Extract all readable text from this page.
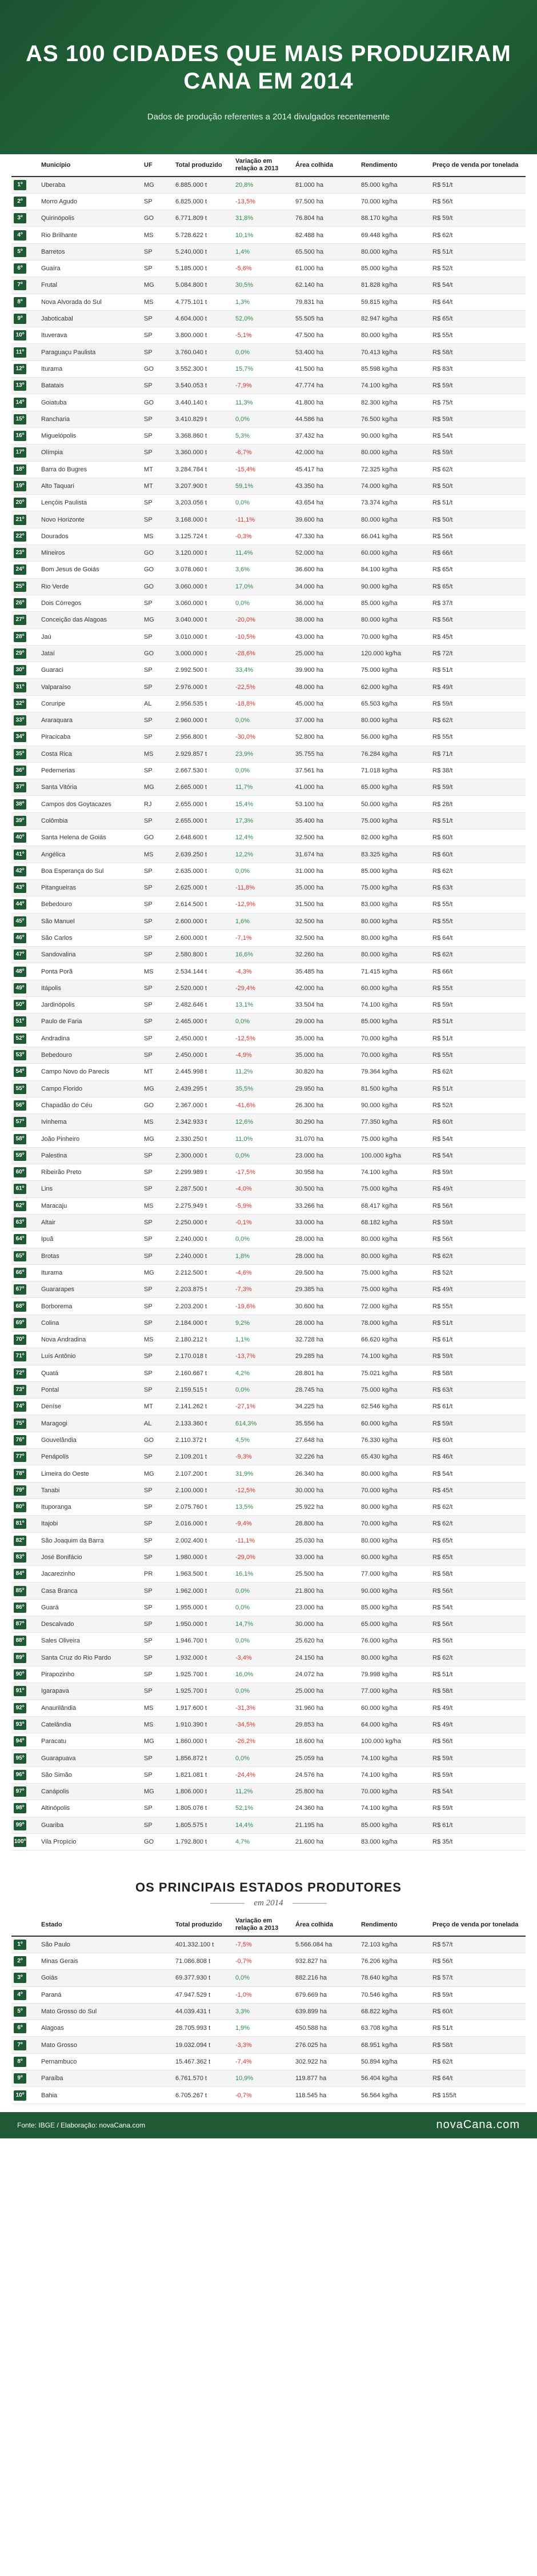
AS 100 CIDADES QUE MAIS PRODUZIRAM CANA EM 2014
Dados de produção referentes a 2014 divulgados recentemente
	Município	UF	Total produzido	Variação em relação a 2013	Área colhida	Rendimento	Preço de venda por tonelada
1º	Uberaba	MG	6.885.000 t	20,8%	81.000 ha	85.000 kg/ha	R$ 51/t
2º	Morro Agudo	SP	6.825.000 t	-13,5%	97.500 ha	70.000 kg/ha	R$ 56/t
3º	Quirinópolis	GO	6.771.809 t	31,8%	76.804 ha	88.170 kg/ha	R$ 59/t
4º	Rio Brilhante	MS	5.728.622 t	10,1%	82.488 ha	69.448 kg/ha	R$ 62/t
5º	Barretos	SP	5.240.000 t	1,4%	65.500 ha	80.000 kg/ha	R$ 51/t
6º	Guaíra	SP	5.185.000 t	-5,6%	61.000 ha	85.000 kg/ha	R$ 52/t
7º	Frutal	MG	5.084.800 t	30,5%	62.140 ha	81.828 kg/ha	R$ 54/t
8º	Nova Alvorada do Sul	MS	4.775.101 t	1,3%	79.831 ha	59.815 kg/ha	R$ 64/t
9º	Jaboticabal	SP	4.604.000 t	52,0%	55.505 ha	82.947 kg/ha	R$ 65/t
10º	Ituverava	SP	3.800.000 t	-5,1%	47.500 ha	80.000 kg/ha	R$ 55/t
11º	Paraguaçu Paulista	SP	3.760.040 t	0,0%	53.400 ha	70.413 kg/ha	R$ 58/t
12º	Iturama	GO	3.552.300 t	15,7%	41.500 ha	85.598 kg/ha	R$ 83/t
13º	Batatais	SP	3.540.053 t	-7,9%	47.774 ha	74.100 kg/ha	R$ 59/t
14º	Goiatuba	GO	3.440.140 t	11,3%	41.800 ha	82.300 kg/ha	R$ 75/t
15º	Rancharia	SP	3.410.829 t	0,0%	44.586 ha	76.500 kg/ha	R$ 59/t
16º	Miguelópolis	SP	3.368.860 t	5,3%	37.432 ha	90.000 kg/ha	R$ 54/t
17º	Olímpia	SP	3.360.000 t	-6,7%	42.000 ha	80.000 kg/ha	R$ 59/t
18º	Barra do Bugres	MT	3.284.784 t	-15,4%	45.417 ha	72.325 kg/ha	R$ 62/t
19º	Alto Taquari	MT	3.207.900 t	59,1%	43.350 ha	74.000 kg/ha	R$ 50/t
20º	Lençóis Paulista	SP	3.203.056 t	0,0%	43.654 ha	73.374 kg/ha	R$ 51/t
21º	Novo Horizonte	SP	3.168.000 t	-11,1%	39.600 ha	80.000 kg/ha	R$ 50/t
22º	Dourados	MS	3.125.724 t	-0,3%	47.330 ha	66.041 kg/ha	R$ 56/t
23º	Mineiros	GO	3.120.000 t	11,4%	52.000 ha	60.000 kg/ha	R$ 66/t
24º	Bom Jesus de Goiás	GO	3.078.060 t	3,6%	36.600 ha	84.100 kg/ha	R$ 65/t
25º	Rio Verde	GO	3.060.000 t	17,0%	34.000 ha	90.000 kg/ha	R$ 65/t
26º	Dois Córregos	SP	3.060.000 t	0,0%	36.000 ha	85.000 kg/ha	R$ 37/t
27º	Conceição das Alagoas	MG	3.040.000 t	-20,0%	38.000 ha	80.000 kg/ha	R$ 56/t
28º	Jaú	SP	3.010.000 t	-10,5%	43.000 ha	70.000 kg/ha	R$ 45/t
29º	Jataí	GO	3.000.000 t	-28,6%	25.000 ha	120.000 kg/ha	R$ 72/t
30º	Guaraci	SP	2.992.500 t	33,4%	39.900 ha	75.000 kg/ha	R$ 51/t
31º	Valparaíso	SP	2.976.000 t	-22,5%	48.000 ha	62.000 kg/ha	R$ 49/t
32º	Coruripe	AL	2.956.535 t	-18,8%	45.000 ha	65.503 kg/ha	R$ 59/t
33º	Araraquara	SP	2.960.000 t	0,0%	37.000 ha	80.000 kg/ha	R$ 62/t
34º	Piracicaba	SP	2.956.800 t	-30,0%	52.800 ha	56.000 kg/ha	R$ 55/t
35º	Costa Rica	MS	2.929.857 t	23,9%	35.755 ha	76.284 kg/ha	R$ 71/t
36º	Pedernerias	SP	2.667.530 t	0,0%	37.561 ha	71.018 kg/ha	R$ 38/t
37º	Santa Vitória	MG	2.665.000 t	11,7%	41.000 ha	65.000 kg/ha	R$ 59/t
38º	Campos dos Goytacazes	RJ	2.655.000 t	15,4%	53.100 ha	50.000 kg/ha	R$ 28/t
39º	Colômbia	SP	2.655.000 t	17,3%	35.400 ha	75.000 kg/ha	R$ 51/t
40º	Santa Helena de Goiás	GO	2.648.600 t	12,4%	32.500 ha	82.000 kg/ha	R$ 60/t
41º	Angélica	MS	2.639.250 t	12,2%	31.674 ha	83.325 kg/ha	R$ 60/t
42º	Boa Esperança do Sul	SP	2.635.000 t	0,0%	31.000 ha	85.000 kg/ha	R$ 62/t
43º	Pitangueiras	SP	2.625.000 t	-11,8%	35.000 ha	75.000 kg/ha	R$ 63/t
44º	Bebedouro	SP	2.614.500 t	-12,9%	31.500 ha	83.000 kg/ha	R$ 55/t
45º	São Manuel	SP	2.600.000 t	1,6%	32.500 ha	80.000 kg/ha	R$ 55/t
46º	São Carlos	SP	2.600.000 t	-7,1%	32.500 ha	80.000 kg/ha	R$ 64/t
47º	Sandovalina	SP	2.580.800 t	16,6%	32.260 ha	80.000 kg/ha	R$ 62/t
48º	Ponta Porã	MS	2.534.144 t	-4,3%	35.485 ha	71.415 kg/ha	R$ 66/t
49º	Itápolis	SP	2.520.000 t	-29,4%	42.000 ha	60.000 kg/ha	R$ 55/t
50º	Jardinópolis	SP	2.482.646 t	13,1%	33.504 ha	74.100 kg/ha	R$ 59/t
51º	Paulo de Faria	SP	2.465.000 t	0,0%	29.000 ha	85.000 kg/ha	R$ 51/t
52º	Andradina	SP	2.450.000 t	-12,5%	35.000 ha	70.000 kg/ha	R$ 51/t
53º	Bebedouro	SP	2.450.000 t	-4,9%	35.000 ha	70.000 kg/ha	R$ 55/t
54º	Campo Novo do Parecis	MT	2.445.998 t	11,2%	30.820 ha	79.364 kg/ha	R$ 62/t
55º	Campo Florido	MG	2.439.295 t	35,5%	29.950 ha	81.500 kg/ha	R$ 51/t
56º	Chapadão do Céu	GO	2.367.000 t	-41,6%	26.300 ha	90.000 kg/ha	R$ 52/t
57º	Ivinhema	MS	2.342.933 t	12,6%	30.290 ha	77.350 kg/ha	R$ 60/t
58º	João Pinheiro	MG	2.330.250 t	11,0%	31.070 ha	75.000 kg/ha	R$ 54/t
59º	Palestina	SP	2.300.000 t	0,0%	23.000 ha	100.000 kg/ha	R$ 54/t
60º	Ribeirão Preto	SP	2.299.989 t	-17,5%	30.958 ha	74.100 kg/ha	R$ 59/t
61º	Lins	SP	2.287.500 t	-4,0%	30.500 ha	75.000 kg/ha	R$ 49/t
62º	Maracaju	MS	2.275.949 t	-5,9%	33.266 ha	68.417 kg/ha	R$ 56/t
63º	Altair	SP	2.250.000 t	-0,1%	33.000 ha	68.182 kg/ha	R$ 59/t
64º	Ipuã	SP	2.240.000 t	0,0%	28.000 ha	80.000 kg/ha	R$ 56/t
65º	Brotas	SP	2.240.000 t	1,8%	28.000 ha	80.000 kg/ha	R$ 62/t
66º	Iturama	MG	2.212.500 t	-4,6%	29.500 ha	75.000 kg/ha	R$ 52/t
67º	Guararapes	SP	2.203.875 t	-7,3%	29.385 ha	75.000 kg/ha	R$ 49/t
68º	Borborema	SP	2.203.200 t	-19,6%	30.600 ha	72.000 kg/ha	R$ 55/t
69º	Colina	SP	2.184.000 t	9,2%	28.000 ha	78.000 kg/ha	R$ 51/t
70º	Nova Andradina	MS	2.180.212 t	1,1%	32.728 ha	66.620 kg/ha	R$ 61/t
71º	Luís Antônio	SP	2.170.018 t	-13,7%	29.285 ha	74.100 kg/ha	R$ 59/t
72º	Quatá	SP	2.160.667 t	4,2%	28.801 ha	75.021 kg/ha	R$ 58/t
73º	Pontal	SP	2.159.515 t	0,0%	28.745 ha	75.000 kg/ha	R$ 63/t
74º	Deníse	MT	2.141.262 t	-27,1%	34.225 ha	62.546 kg/ha	R$ 61/t
75º	Maragogi	AL	2.133.360 t	614,3%	35.556 ha	60.000 kg/ha	R$ 59/t
76º	Gouvelândia	GO	2.110.372 t	4,5%	27.648 ha	76.330 kg/ha	R$ 60/t
77º	Penápolis	SP	2.109.201 t	-9,3%	32.226 ha	65.430 kg/ha	R$ 46/t
78º	Limeira do Oeste	MG	2.107.200 t	31,9%	26.340 ha	80.000 kg/ha	R$ 54/t
79º	Tanabi	SP	2.100.000 t	-12,5%	30.000 ha	70.000 kg/ha	R$ 45/t
80º	Ituporanga	SP	2.075.760 t	13,5%	25.922 ha	80.000 kg/ha	R$ 62/t
81º	Itajobi	SP	2.016.000 t	-9,4%	28.800 ha	70.000 kg/ha	R$ 62/t
82º	São Joaquim da Barra	SP	2.002.400 t	-11,1%	25.030 ha	80.000 kg/ha	R$ 65/t
83º	José Bonifácio	SP	1.980.000 t	-29,0%	33.000 ha	60.000 kg/ha	R$ 65/t
84º	Jacarezinho	PR	1.963.500 t	16,1%	25.500 ha	77.000 kg/ha	R$ 58/t
85º	Casa Branca	SP	1.962.000 t	0,0%	21.800 ha	90.000 kg/ha	R$ 56/t
86º	Guará	SP	1.955.000 t	0,0%	23.000 ha	85.000 kg/ha	R$ 54/t
87º	Descalvado	SP	1.950.000 t	14,7%	30.000 ha	65.000 kg/ha	R$ 56/t
88º	Sales Oliveira	SP	1.946.700 t	0,0%	25.620 ha	76.000 kg/ha	R$ 56/t
89º	Santa Cruz do Rio Pardo	SP	1.932.000 t	-3,4%	24.150 ha	80.000 kg/ha	R$ 62/t
90º	Pirapozinho	SP	1.925.700 t	16,0%	24.072 ha	79.998 kg/ha	R$ 51/t
91º	Igarapava	SP	1.925.700 t	0,0%	25.000 ha	77.000 kg/ha	R$ 58/t
92º	Anaurilândia	MS	1.917.600 t	-31,3%	31.960 ha	60.000 kg/ha	R$ 49/t
93º	Catelândia	MS	1.910.390 t	-34,5%	29.853 ha	64.000 kg/ha	R$ 49/t
94º	Paracatu	MG	1.860.000 t	-26,2%	18.600 ha	100.000 kg/ha	R$ 56/t
95º	Guarapuava	SP	1.856.872 t	0,0%	25.059 ha	74.100 kg/ha	R$ 59/t
96º	São Simão	SP	1.821.081 t	-24,4%	24.576 ha	74.100 kg/ha	R$ 59/t
97º	Canápolis	MG	1.806.000 t	11,2%	25.800 ha	70.000 kg/ha	R$ 54/t
98º	Altinópolis	SP	1.805.076 t	52,1%	24.360 ha	74.100 kg/ha	R$ 59/t
99º	Guariba	SP	1.805.575 t	14,4%	21.195 ha	85.000 kg/ha	R$ 61/t
100º	Vila Propício	GO	1.792.800 t	4,7%	21.600 ha	83.000 kg/ha	R$ 35/t
OS PRINCIPAIS ESTADOS PRODUTORES
em 2014
	Estado	Total produzido	Variação em relação a 2013	Área colhida	Rendimento	Preço de venda por tonelada
1º	São Paulo	401.332.100 t	-7,5%	5.566.084 ha	72.103 kg/ha	R$ 57/t
2º	Minas Gerais	71.086.808 t	-0,7%	932.827 ha	76.206 kg/ha	R$ 56/t
3º	Goiás	69.377.930 t	0,0%	882.216 ha	78.640 kg/ha	R$ 57/t
4º	Paraná	47.947.529 t	-1,0%	679.669 ha	70.546 kg/ha	R$ 59/t
5º	Mato Grosso do Sul	44.039.431 t	3,3%	639.899 ha	68.822 kg/ha	R$ 60/t
6º	Alagoas	28.705.993 t	1,9%	450.588 ha	63.708 kg/ha	R$ 51/t
7º	Mato Grosso	19.032.094 t	-3,3%	276.025 ha	68.951 kg/ha	R$ 58/t
8º	Pernambuco	15.467.362 t	-7,4%	302.922 ha	50.894 kg/ha	R$ 62/t
9º	Paraíba	6.761.570 t	10,9%	119.877 ha	56.404 kg/ha	R$ 64/t
10º	Bahia	6.705.267 t	-0,7%	118.545 ha	56.564 kg/ha	R$ 155/t
Fonte: IBGE / Elaboração: novaCana.com	novaCana.com
